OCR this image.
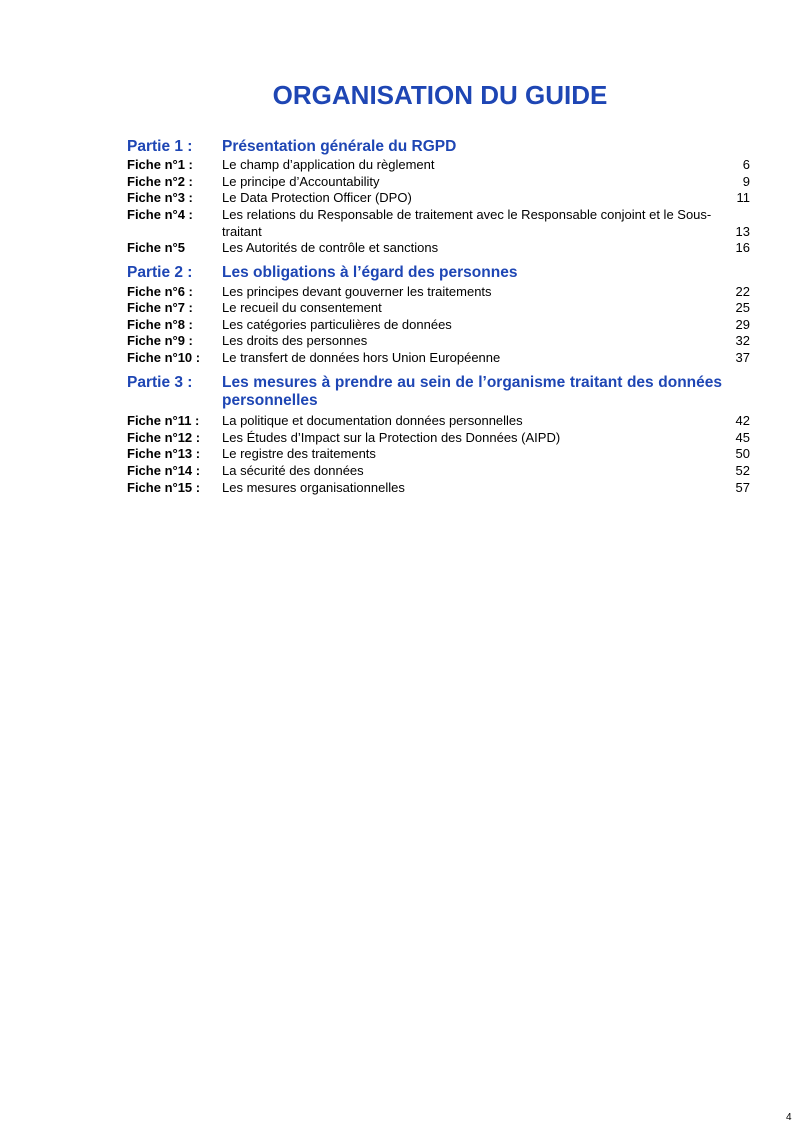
ORGANISATION DU GUIDE
Partie 1 : Présentation générale du RGPD
Fiche n°1 : Le champ d’application du règlement	6
Fiche n°2 : Le principe d’Accountability	9
Fiche n°3 : Le Data Protection Officer (DPO)	11
Fiche n°4 : Les relations du Responsable de traitement avec le Responsable conjoint et le Sous-traitant	13
Fiche n°5	Les Autorités de contrôle et sanctions	16
Partie 2 : Les obligations à l’égard des personnes
Fiche n°6 : Les principes devant gouverner les traitements	22
Fiche n°7 : Le recueil du consentement	25
Fiche n°8 : Les catégories particulières de données	29
Fiche n°9 : Les droits des personnes	32
Fiche n°10 : Le transfert de données hors Union Européenne	37
Partie 3 : Les mesures à prendre au sein de l’organisme traitant des données personnelles
Fiche n°11 : La politique et documentation données personnelles	42
Fiche n°12 : Les Études d’Impact sur la Protection des Données (AIPD)	45
Fiche n°13 : Le registre des traitements	50
Fiche n°14 : La sécurité des données	52
Fiche n°15 : Les mesures organisationnelles	57
4
